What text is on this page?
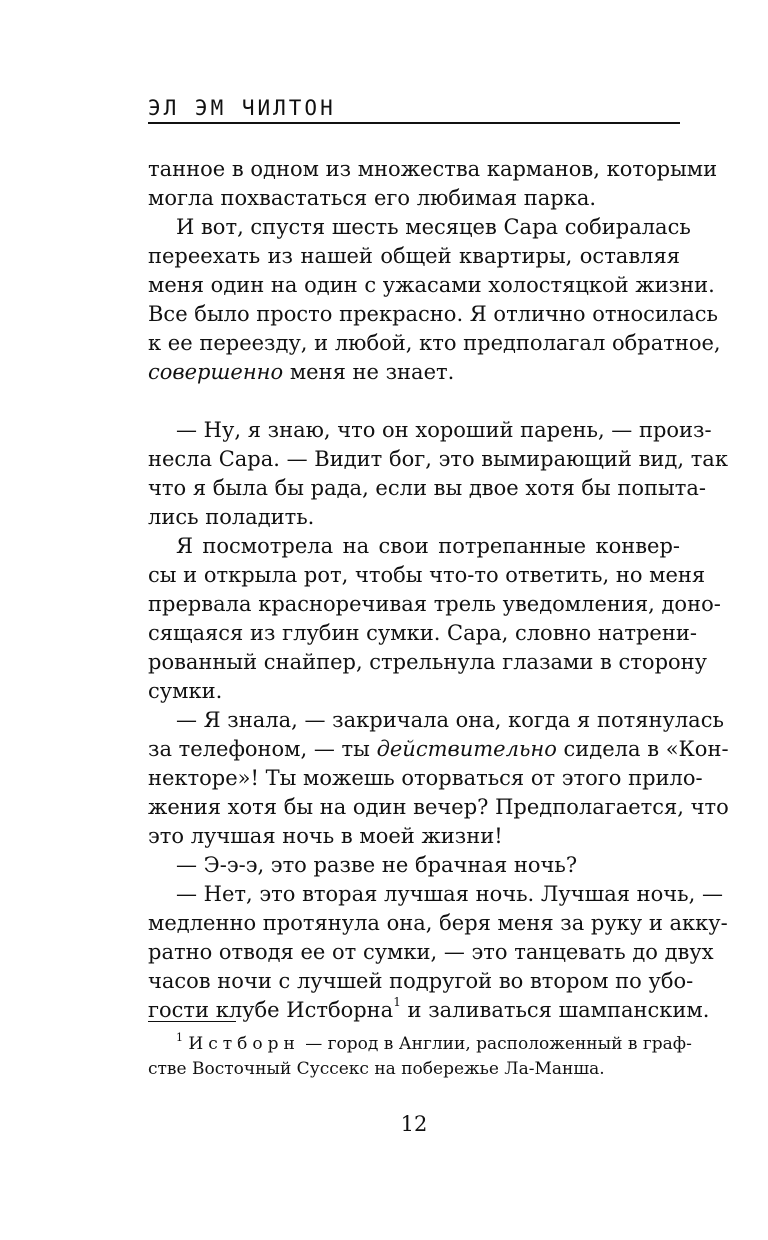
ЭЛ ЭМ ЧИЛТОН
танное в одном из множества карманов, которыми
могла похвастаться его любимая парка.
И вот, спустя шесть месяцев Сара собиралась
переехать из нашей общей квартиры, оставляя
меня один на один с ужасами холостяцкой жизни.
Все было просто прекрасно. Я отлично относилась
к ее переезду, и любой, кто предполагал обратное,
совершенно меня не знает.
— Ну, я знаю, что он хороший парень, — произ-
несла Сара. — Видит бог, это вымирающий вид, так
что я была бы рада, если вы двое хотя бы попыта-
лись поладить.
Я посмотрела на свои потрепанные конвер-
сы и открыла рот, чтобы что-то ответить, но меня
прервала красноречивая трель уведомления, доно-
сящаяся из глубин сумки. Сара, словно натрени-
рованный снайпер, стрельнула глазами в сторону
сумки.
— Я знала, — закричала она, когда я потянулась
за телефоном, — ты действительно сидела в «Кон-
некторе»! Ты можешь оторваться от этого прило-
жения хотя бы на один вечер? Предполагается, что
это лучшая ночь в моей жизни!
— Э-э-э, это разве не брачная ночь?
— Нет, это вторая лучшая ночь. Лучшая ночь, —
медленно протянула она, беря меня за руку и акку-
ратно отводя ее от сумки, — это танцевать до двух
часов ночи с лучшей подругой во втором по убо-
гости клубе Истборна$^1$ и заливаться шампанским.
$^1$ Истборн — город в Англии, расположенный в граф-
стве Восточный Суссекс на побережье Ла-Манша.
12
